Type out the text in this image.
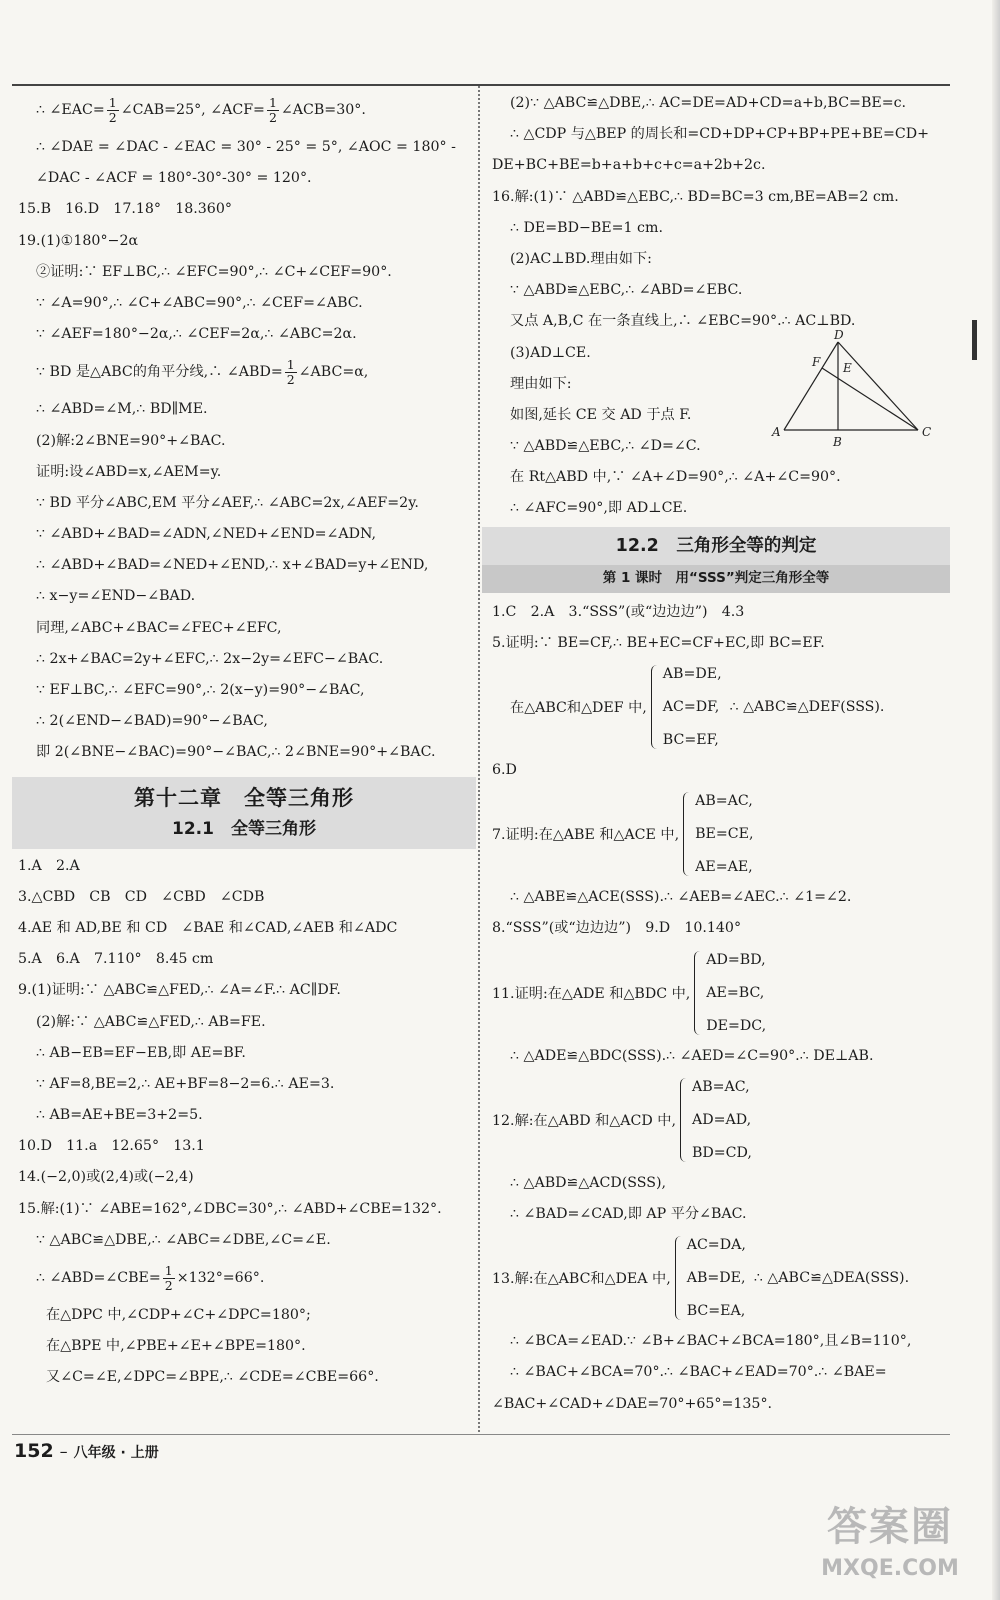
∴ ∠EAC= $\frac{1}{2}$ ∠CAB=25°, ∠ACF= $\frac{1}{2}$ ∠ACB=30°.
∴ ∠DAE = ∠DAC - ∠EAC = 30° - 25° = 5°, ∠AOC = 180° -
∠DAC - ∠ACF = 180°-30°-30° = 120°.
15.B　16.D　17.18°　18.360°
19.(1)①180°−2α
②证明:∵ EF⊥BC,∴ ∠EFC=90°,∴ ∠C+∠CEF=90°.
∵ ∠A=90°,∴ ∠C+∠ABC=90°,∴ ∠CEF=∠ABC.
∵ ∠AEF=180°−2α,∴ ∠CEF=2α,∴ ∠ABC=2α.
∵ BD 是△ABC的角平分线,∴ ∠ABD= $\frac{1}{2}$ ∠ABC=α,
∴ ∠ABD=∠M,∴ BD∥ME.
(2)解:2∠BNE=90°+∠BAC.
证明:设∠ABD=x,∠AEM=y.
∵ BD 平分∠ABC,EM 平分∠AEF,∴ ∠ABC=2x,∠AEF=2y.
∵ ∠ABD+∠BAD=∠ADN,∠NED+∠END=∠ADN,
∴ ∠ABD+∠BAD=∠NED+∠END,∴ x+∠BAD=y+∠END,
∴ x−y=∠END−∠BAD.
同理,∠ABC+∠BAC=∠FEC+∠EFC,
∴ 2x+∠BAC=2y+∠EFC,∴ 2x−2y=∠EFC−∠BAC.
∵ EF⊥BC,∴ ∠EFC=90°,∴ 2(x−y)=90°−∠BAC,
∴ 2(∠END−∠BAD)=90°−∠BAC,
即 2(∠BNE−∠BAC)=90°−∠BAC,∴ 2∠BNE=90°+∠BAC.
第十二章　全等三角形
12.1　全等三角形
1.A　2.A
3.△CBD　CB　CD　∠CBD　∠CDB
4.AE 和 AD,BE 和 CD　∠BAE 和∠CAD,∠AEB 和∠ADC
5.A　6.A　7.110°　8.45 cm
9.(1)证明:∵ △ABC≌△FED,∴ ∠A=∠F.∴ AC∥DF.
(2)解:∵ △ABC≌△FED,∴ AB=FE.
∴ AB−EB=EF−EB,即 AE=BF.
∵ AF=8,BE=2,∴ AE+BF=8−2=6.∴ AE=3.
∴ AB=AE+BE=3+2=5.
10.D　11.a　12.65°　13.1
14.(−2,0)或(2,4)或(−2,4)
15.解:(1)∵ ∠ABE=162°,∠DBC=30°,∴ ∠ABD+∠CBE=132°.
∵ △ABC≌△DBE,∴ ∠ABC=∠DBE,∠C=∠E.
∴ ∠ABD=∠CBE= $\frac{1}{2} \times 132^\circ=66^\circ$.
在△DPC 中,∠CDP+∠C+∠DPC=180°;
在△BPE 中,∠PBE+∠E+∠BPE=180°.
又∠C=∠E,∠DPC=∠BPE,∴ ∠CDE=∠CBE=66°.
(2)∵ △ABC≌△DBE,∴ AC=DE=AD+CD=a+b,BC=BE=c.
∴ △CDP 与△BEP 的周长和=CD+DP+CP+BP+PE+BE=CD+
DE+BC+BE=b+a+b+c+c=a+2b+2c.
16.解:(1)∵ △ABD≌△EBC,∴ BD=BC=3 cm,BE=AB=2 cm.
∴ DE=BD−BE=1 cm.
(2)AC⊥BD.理由如下:
∵ △ABD≌△EBC,∴ ∠ABD=∠EBC.
又点 A,B,C 在一条直线上,∴ ∠EBC=90°.∴ AC⊥BD.
(3)AD⊥CE.
理由如下:
如图,延长 CE 交 AD 于点 F.
∵ △ABD≌△EBC,∴ ∠D=∠C.
在 Rt△ABD 中,∵ ∠A+∠D=90°,∴ ∠A+∠C=90°.
∴ ∠AFC=90°,即 AD⊥CE.
12.2　三角形全等的判定
第 1 课时　用“SSS”判定三角形全等
1.C　2.A　3.“SSS”(或“边边边”)　4.3
5.证明:∵ BE=CF,∴ BE+EC=CF+EC,即 BC=EF.
在△ABC和△DEF 中,
AB=DE,
AC=DF,
BC=EF,
∴ △ABC≌△DEF(SSS).
6.D
7.证明:在△ABE 和△ACE 中,
AB=AC,
BE=CE,
AE=AE,
∴ △ABE≌△ACE(SSS).∴ ∠AEB=∠AEC.∴ ∠1=∠2.
8.“SSS”(或“边边边”)　9.D　10.140°
11.证明:在△ADE 和△BDC 中,
AD=BD,
AE=BC,
DE=DC,
∴ △ADE≌△BDC(SSS).∴ ∠AED=∠C=90°.∴ DE⊥AB.
12.解:在△ABD 和△ACD 中,
AB=AC,
AD=AD,
BD=CD,
∴ △ABD≌△ACD(SSS),
∴ ∠BAD=∠CAD,即 AP 平分∠BAC.
13.解:在△ABC和△DEA 中,
AC=DA,
AB=DE,
BC=EA,
∴ △ABC≌△DEA(SSS).
∴ ∠BCA=∠EAD.∵ ∠B+∠BAC+∠BCA=180°,且∠B=110°,
∴ ∠BAC+∠BCA=70°.∴ ∠BAC+∠EAD=70°.∴ ∠BAE=
∠BAC+∠CAD+∠DAE=70°+65°=135°.
A
B
C
D
E
F
152 – 八年级 · 上册
答案圈
MXQE.COM
